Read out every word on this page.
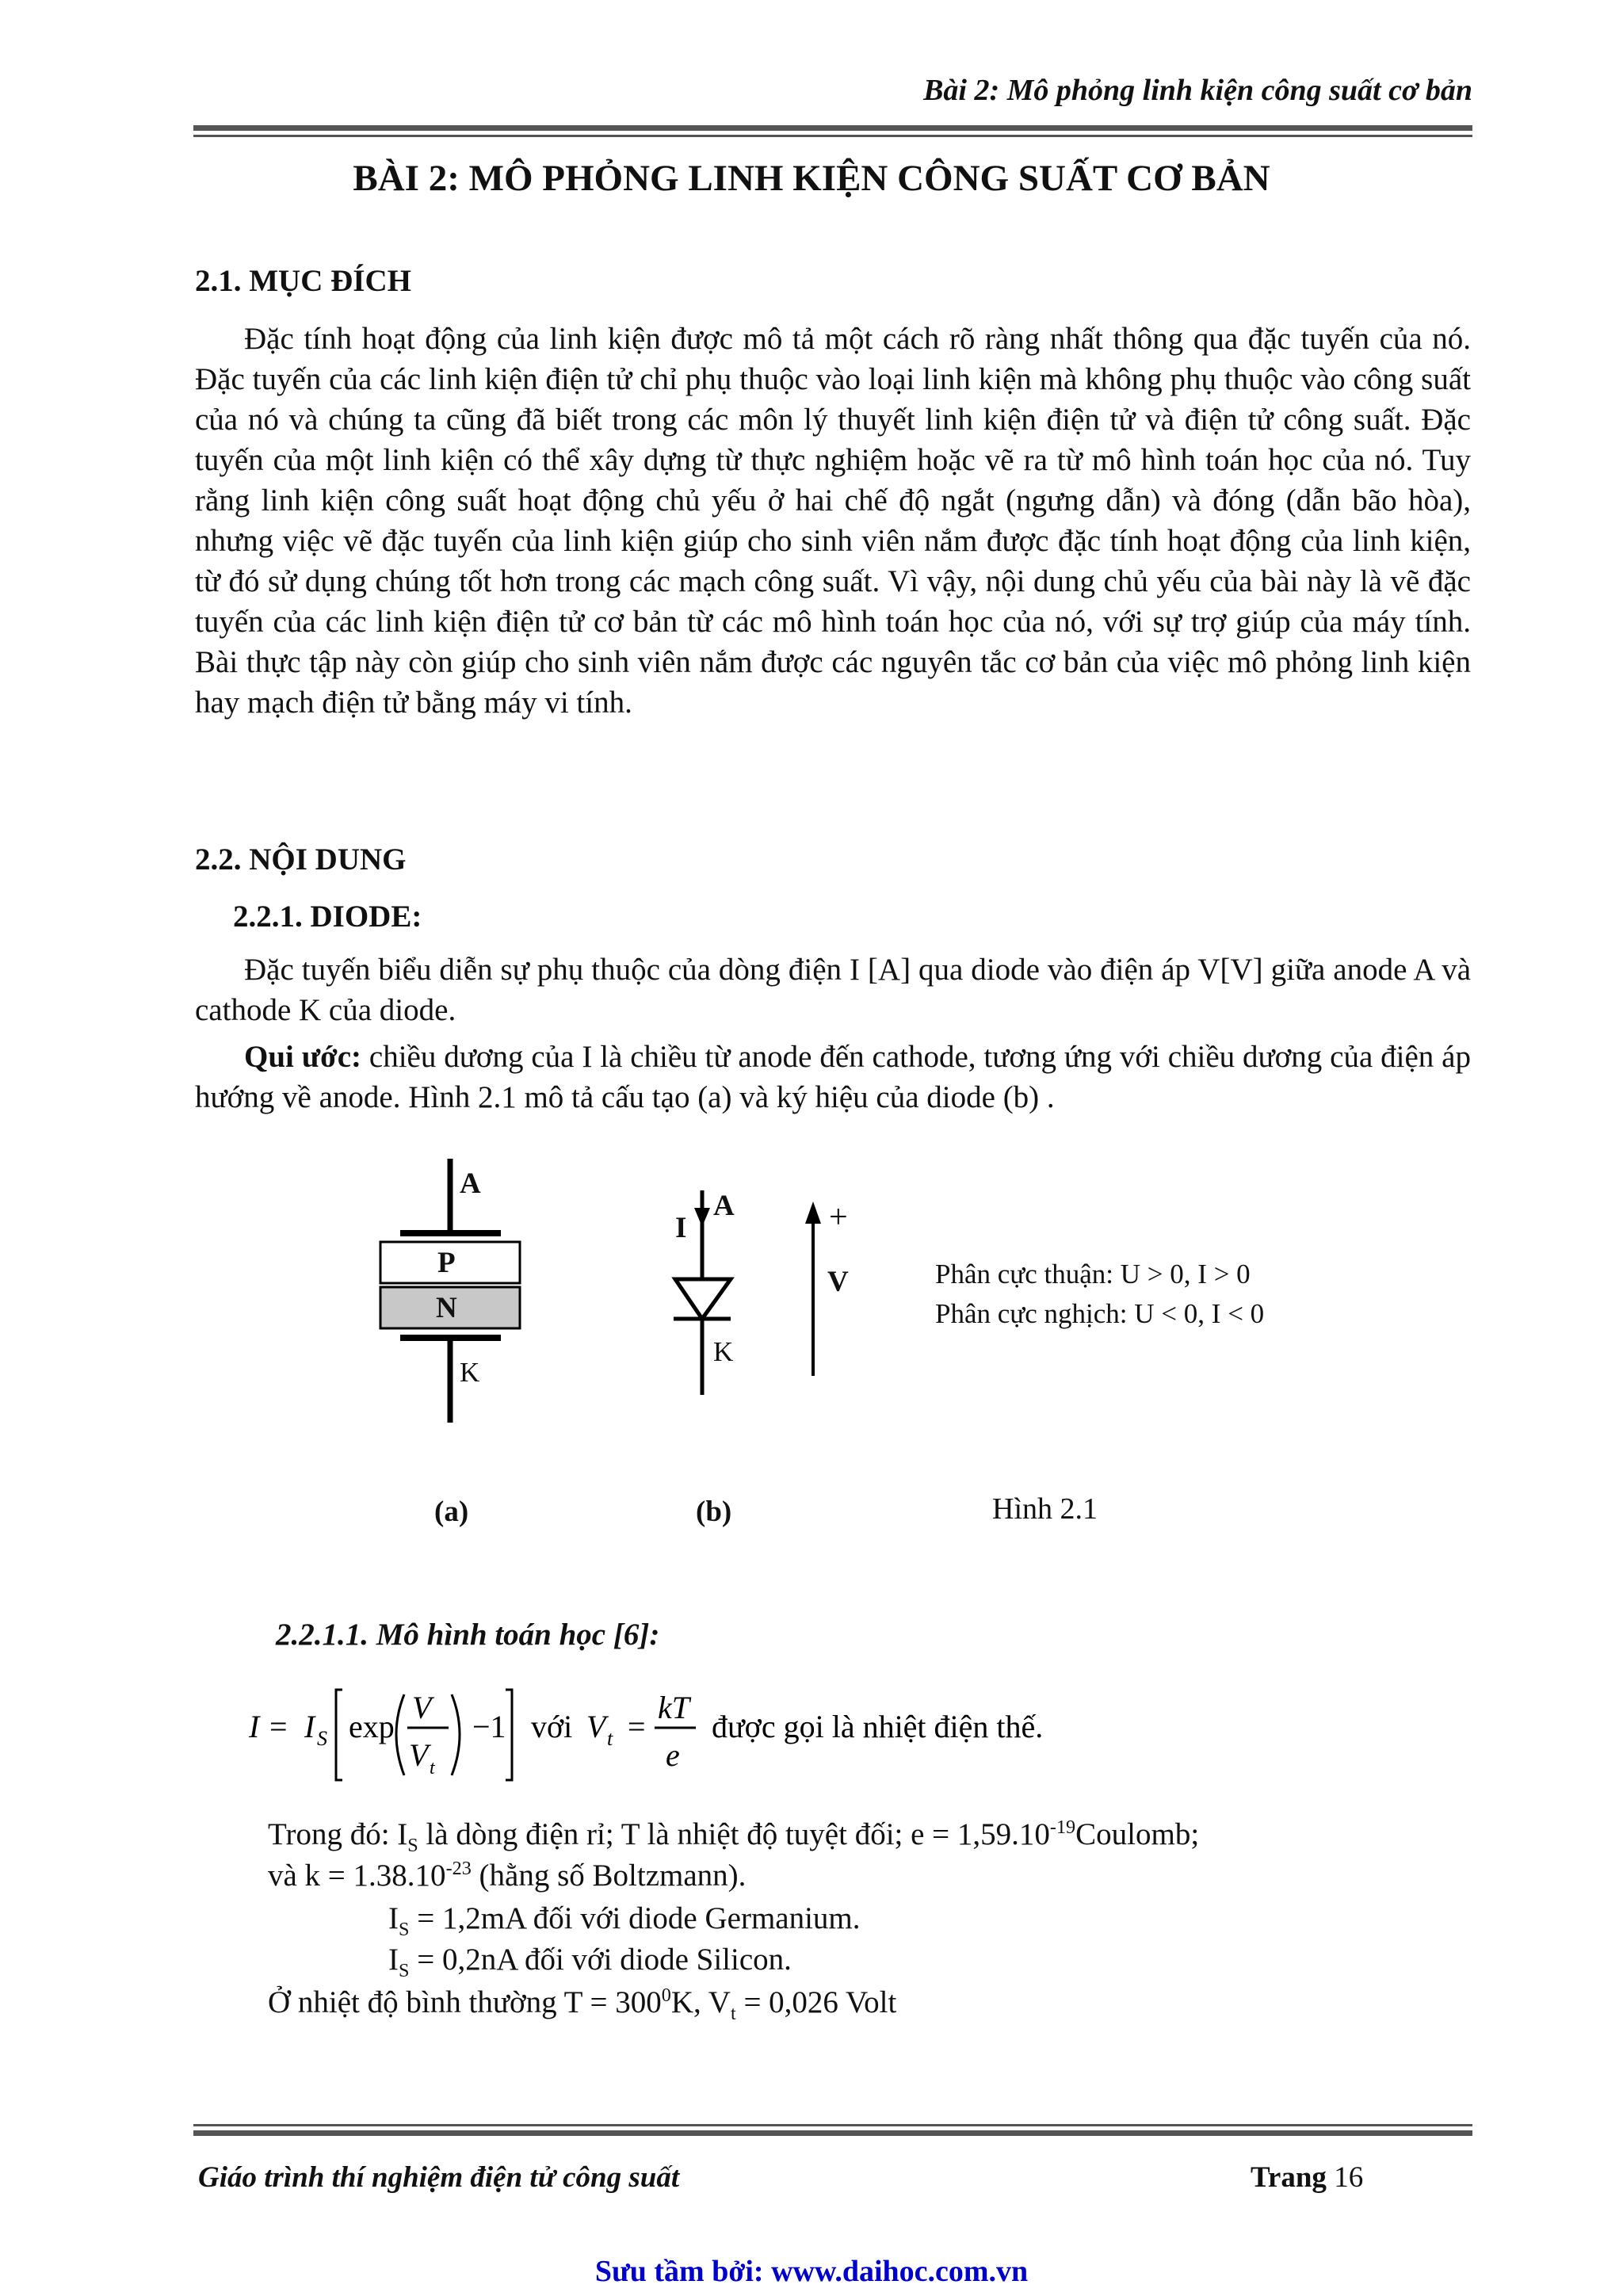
Bài 2: Mô phỏng linh kiện công suất cơ bản
BÀI 2: MÔ PHỎNG LINH KIỆN CÔNG SUẤT CƠ BẢN
2.1. MỤC ĐÍCH
Đặc tính hoạt động của linh kiện được mô tả một cách rõ ràng nhất thông qua đặc tuyến của nó. Đặc tuyến của các linh kiện điện tử chỉ phụ thuộc vào loại linh kiện mà không phụ thuộc vào công suất của nó và chúng ta cũng đã biết trong các môn lý thuyết linh kiện điện tử và điện tử công suất. Đặc tuyến của một linh kiện có thể xây dựng từ thực nghiệm hoặc vẽ ra từ mô hình toán học của nó. Tuy rằng linh kiện công suất hoạt động chủ yếu ở hai chế độ ngắt (ngưng dẫn) và đóng (dẫn bão hòa), nhưng việc vẽ đặc tuyến của linh kiện giúp cho sinh viên nắm được đặc tính hoạt động của linh kiện, từ đó sử dụng chúng tốt hơn trong các mạch công suất. Vì vậy, nội dung chủ yếu của bài này là vẽ đặc tuyến của các linh kiện điện tử cơ bản từ các mô hình toán học của nó, với sự trợ giúp của máy tính. Bài thực tập này còn giúp cho sinh viên nắm được các nguyên tắc cơ bản của việc mô phỏng linh kiện hay mạch điện tử bằng máy vi tính.
2.2. NỘI DUNG
2.2.1. DIODE:
Đặc tuyến biểu diễn sự phụ thuộc của dòng điện I [A] qua diode vào điện áp V[V] giữa anode A và cathode K của diode.
Qui ước: chiều dương của I là chiều từ anode đến cathode, tương ứng với chiều dương của điện áp hướng về anode. Hình 2.1 mô tả cấu tạo (a) và ký hiệu của diode (b) .
A
P
N
K
I
A
K
+
V	Phân cực thuận: U > 0, I > 0
Phân cực nghịch: U < 0, I < 0
(a)	(b)	Hình 2.1
2.2.1.1. Mô hình toán học [6]:
I = I S exp
V
V t
−1 với V t =
kT
e
được gọi là nhiệt điện thế.
Trong đó: $I_S$ là dòng điện rỉ; T là nhiệt độ tuyệt đối; $e = 1,59.10^{-19}Coulomb$;
và $k = 1.38.10^{-23}$ (hằng số Boltzmann).
$I_S = 1,2mA$ đối với diode Germanium.
$I_S = 0,2nA$ đối với diode Silicon.
Ở nhiệt độ bình thường $T = 300^0K$, $V_t = 0,026$ Volt
Giáo trình thí nghiệm điện tử công suất	Trang 16
Sưu tầm bởi: www.daihoc.com.vn
